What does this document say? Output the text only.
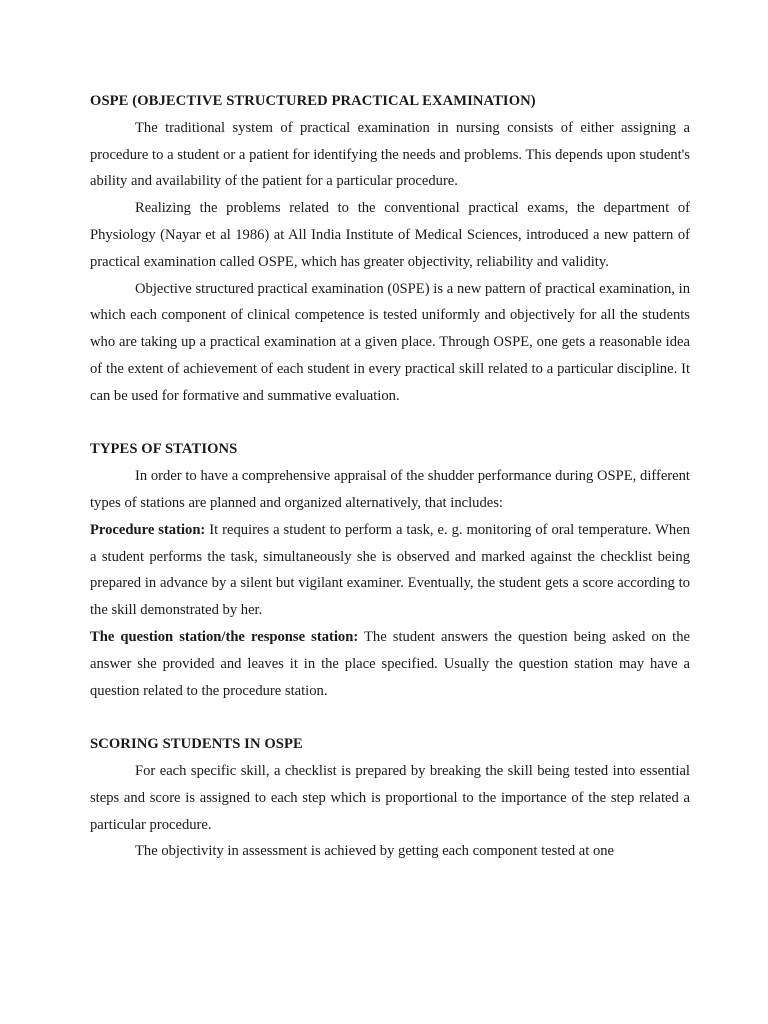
OSPE (OBJECTIVE STRUCTURED PRACTICAL EXAMINATION)

The traditional system of practical examination in nursing consists of either assigning a procedure to a student or a patient for identifying the needs and problems. This depends upon student's ability and availability of the patient for a particular procedure.

Realizing the problems related to the conventional practical exams, the department of Physiology (Nayar et al 1986) at All India Institute of Medical Sciences, introduced a new pattern of practical examination called OSPE, which has greater objectivity, reliability and validity.

Objective structured practical examination (0SPE) is a new pattern of practical examination, in which each component of clinical competence is tested uniformly and objectively for all the students who are taking up a practical examination at a given place. Through OSPE, one gets a reasonable idea of the extent of achievement of each student in every practical skill related to a particular discipline. It can be used for formative and summative evaluation.

TYPES OF STATIONS

In order to have a comprehensive appraisal of the shudder performance during OSPE, different types of stations are planned and organized alternatively, that includes:

Procedure station: It requires a student to perform a task, e. g. monitoring of oral temperature. When a student performs the task, simultaneously she is observed and marked against the checklist being prepared in advance by a silent but vigilant examiner. Eventually, the student gets a score according to the skill demonstrated by her.

The question station/the response station: The student answers the question being asked on the answer she provided and leaves it in the place specified. Usually the question station may have a question related to the procedure station.

SCORING STUDENTS IN OSPE

For each specific skill, a checklist is prepared by breaking the skill being tested into essential steps and score is assigned to each step which is proportional to the importance of the step related a particular procedure.

The objectivity in assessment is achieved by getting each component tested at one
